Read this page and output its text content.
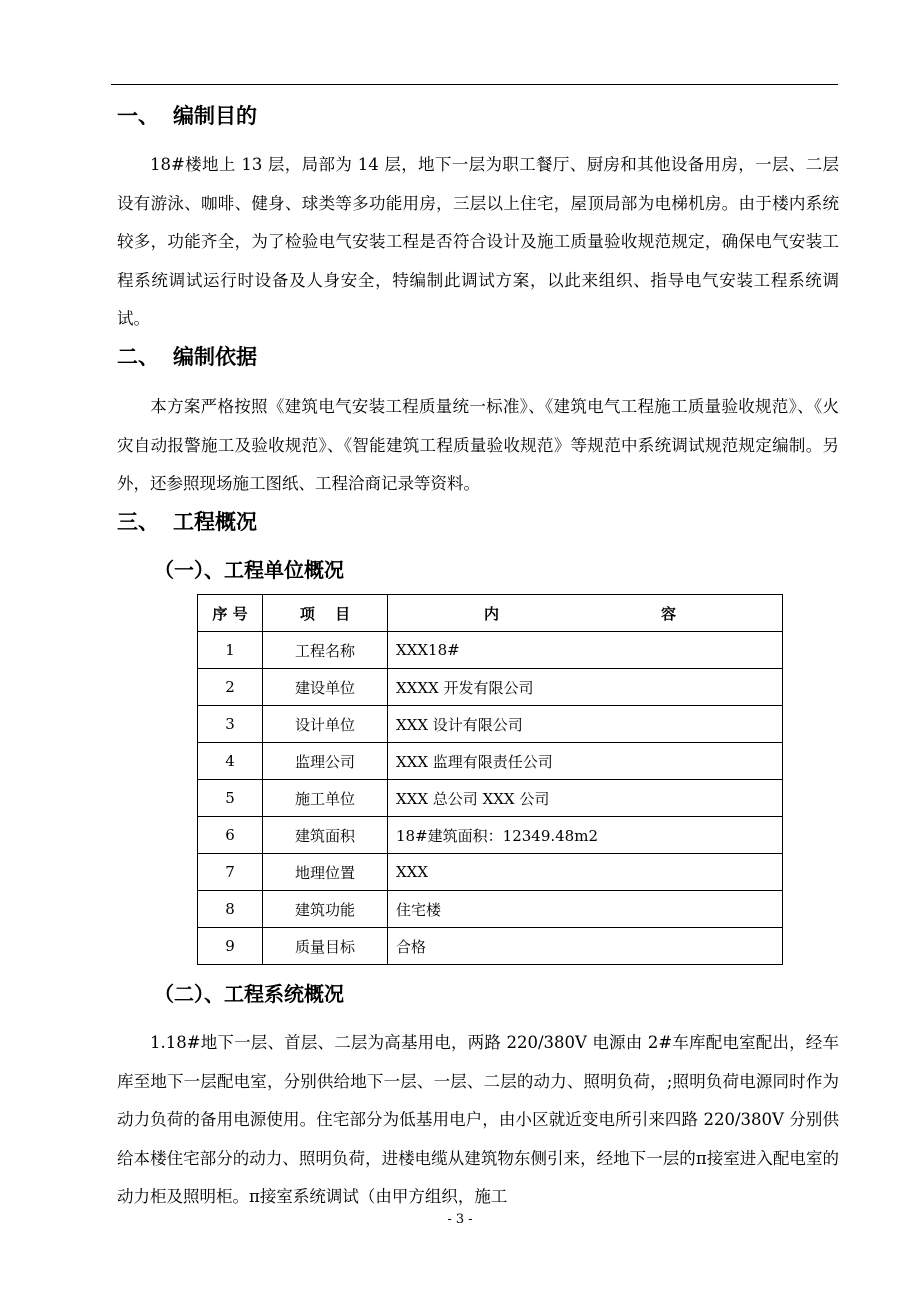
一、 编制目的

18#楼地上 13 层，局部为 14 层，地下一层为职工餐厅、厨房和其他设备用房，一层、二层设有游泳、咖啡、健身、球类等多功能用房，三层以上住宅，屋顶局部为电梯机房。由于楼内系统较多，功能齐全，为了检验电气安装工程是否符合设计及施工质量验收规范规定，确保电气安装工程系统调试运行时设备及人身安全，特编制此调试方案，以此来组织、指导电气安装工程系统调试。

二、 编制依据

本方案严格按照《建筑电气安装工程质量统一标准》、《建筑电气工程施工质量验收规范》、《火灾自动报警施工及验收规范》、《智能建筑工程质量验收规范》等规范中系统调试规范规定编制。另外，还参照现场施工图纸、工程洽商记录等资料。

三、 工程概况
（一）、工程单位概况
序 号	项　 目	内 容

1	工程名称	XXX18#
2	建设单位	XXXX 开发有限公司
3	设计单位	XXX 设计有限公司
4	监理公司	XXX 监理有限责任公司
5	施工单位	XXX 总公司 XXX 公司
6	建筑面积	18#建筑面积：12349.48m2
7	地理位置	XXX
8	建筑功能	住宅楼
9	质量目标	合格
（二）、工程系统概况

1.18#地下一层、首层、二层为高基用电，两路 220/380V 电源由 2#车库配电室配出，经车库至地下一层配电室，分别供给地下一层、一层、二层的动力、照明负荷，;照明负荷电源同时作为动力负荷的备用电源使用。住宅部分为低基用电户，由小区就近变电所引来四路 220/380V 分别供给本楼住宅部分的动力、照明负荷，进楼电缆从建筑物东侧引来，经地下一层的π接室进入配电室的动力柜及照明柜。π接室系统调试（由甲方组织，施工

- 3 -
